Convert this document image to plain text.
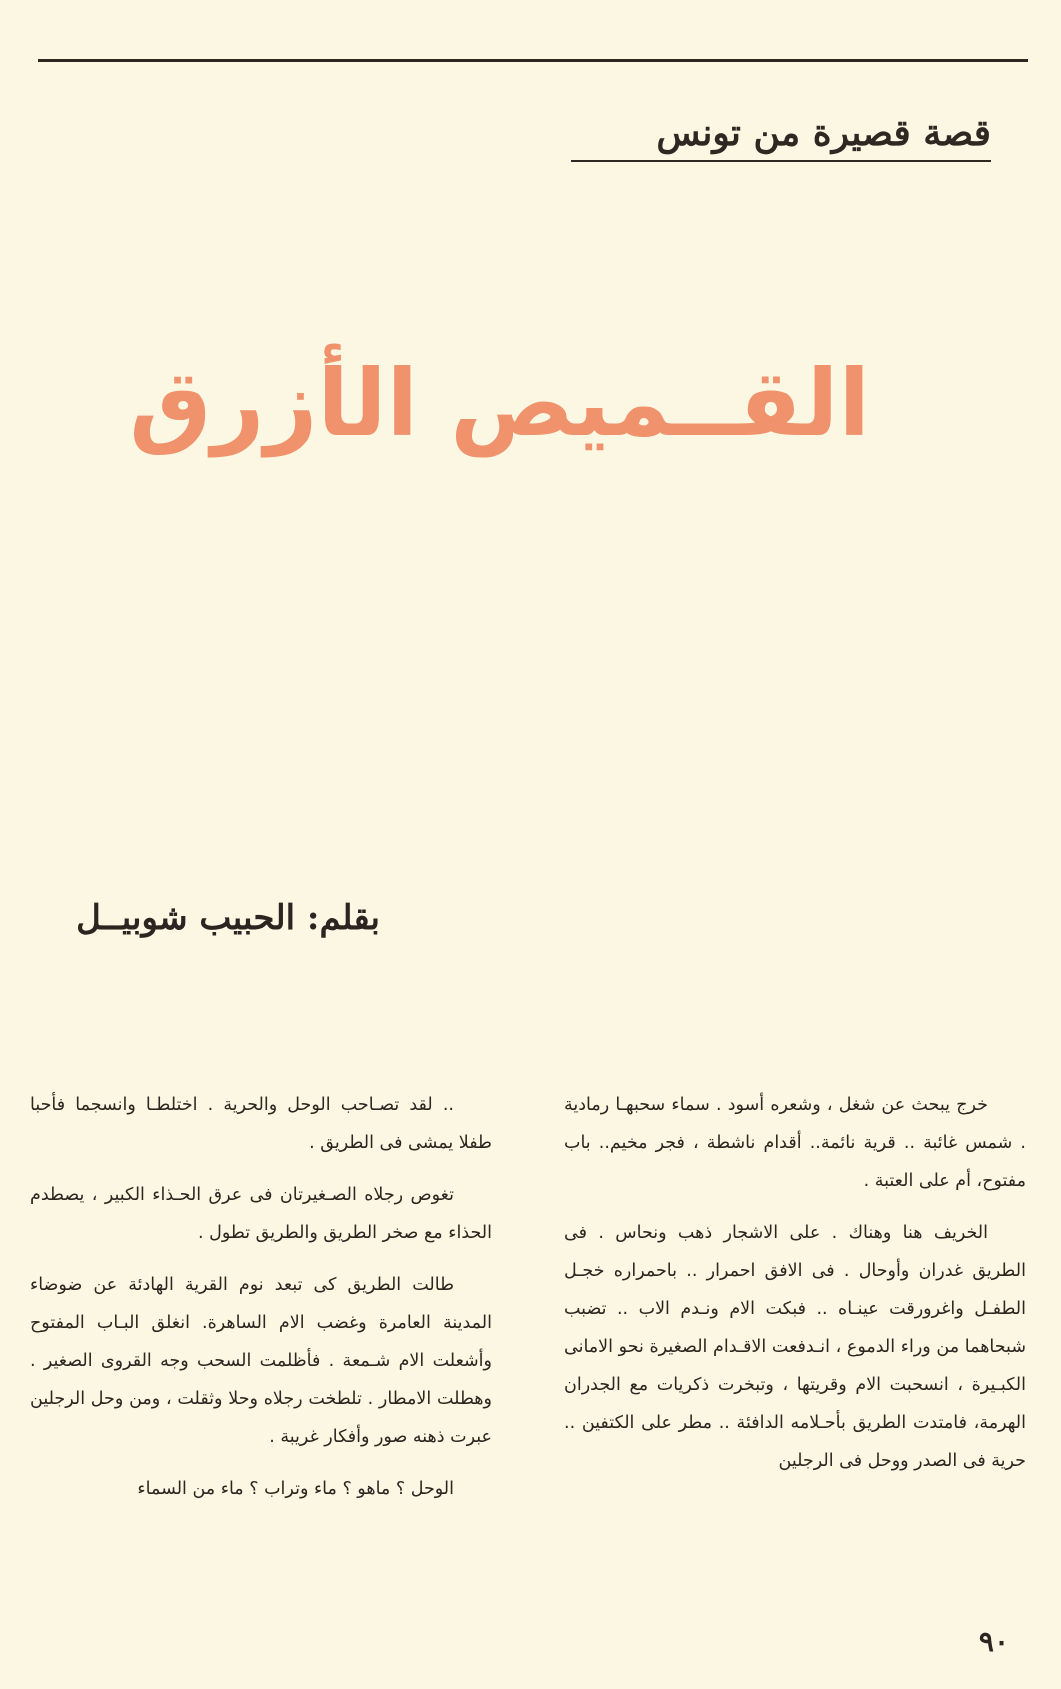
قصة قصيرة من تونس
القــميص الأزرق
بقلم: الحبيب شوبيــل

خرج يبحث عن شغل ، وشعره أسود . سماء سحبهـا رمادية . شمس غائبة .. قرية نائمة.. أقدام ناشطة ، فجر مخيم.. باب مفتوح، أم على العتبة .

الخريف هنا وهناك . على الاشجار ذهب ونحاس . فى الطريق غدران وأوحال . فى الافق احمرار .. باحمراره خجـل الطفـل واغرورقت عينـاه .. فبكت الام ونـدم الاب .. تضبب شبحاهما من وراء الدموع ، انـدفعت الاقـدام الصغيرة نحو الامانى الكبـيرة ، انسحبت الام وقريتها ، وتبخرت ذكريات مع الجدران الهرمة، فامتدت الطريق بأحـلامه الدافئة .. مطر على الكتفين .. حرية فى الصدر ووحل فى الرجلين

.. لقد تصـاحب الوحل والحرية . اختلطـا وانسجما فأحبا طفلا يمشى فى الطريق .

تغوص رجلاه الصـغيرتان فى عرق الحـذاء الكبير ، يصطدم الحذاء مع صخر الطريق والطريق تطول .

طالت الطريق كى تبعد نوم القرية الهادئة عن ضوضاء المدينة العامرة وغضب الام الساهرة. انغلق البـاب المفتوح وأشعلت الام شـمعة . فأظلمت السحب وجه القروى الصغير . وهطلت الامطار . تلطخت رجلاه وحلا وثقلت ، ومن وحل الرجلين عبرت ذهنه صور وأفكار غريبة .

الوحل ؟ ماهو ؟ ماء وتراب ؟ ماء من السماء

٩٠
